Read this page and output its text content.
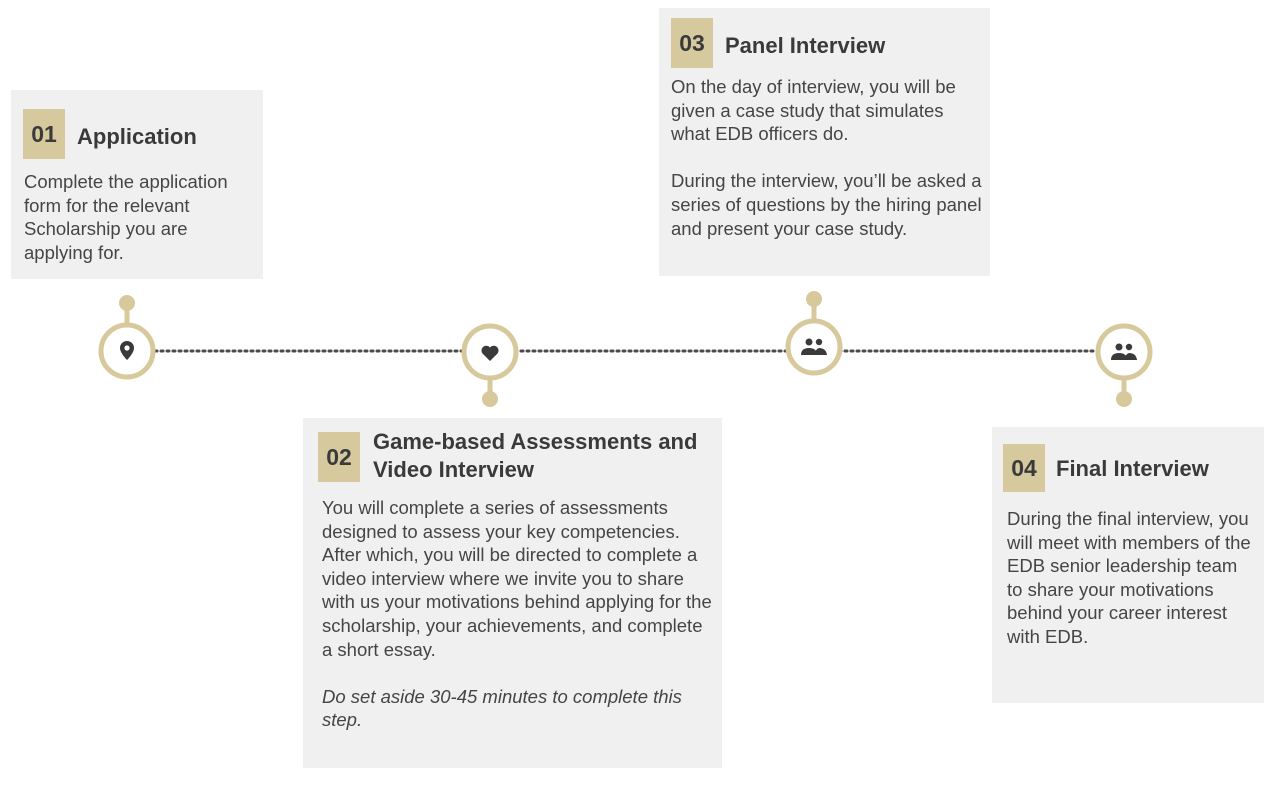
01 Application

Complete the application form for the relevant Scholarship you are applying for.

02
Game-based Assessments and Video Interview

You will complete a series of assessments designed to assess your key competencies. After which, you will be directed to complete a video interview where we invite you to share with us your motivations behind applying for the scholarship, your achievements, and complete a short essay.

Do set aside 30-45 minutes to complete this step.

03 Panel Interview

On the day of interview, you will be given a case study that simulates what EDB officers do.

During the interview, you’ll be asked a series of questions by the hiring panel and present your case study.

04 Final Interview

During the final interview, you will meet with members of the EDB senior leadership team to share your motivations behind your career interest with EDB.
